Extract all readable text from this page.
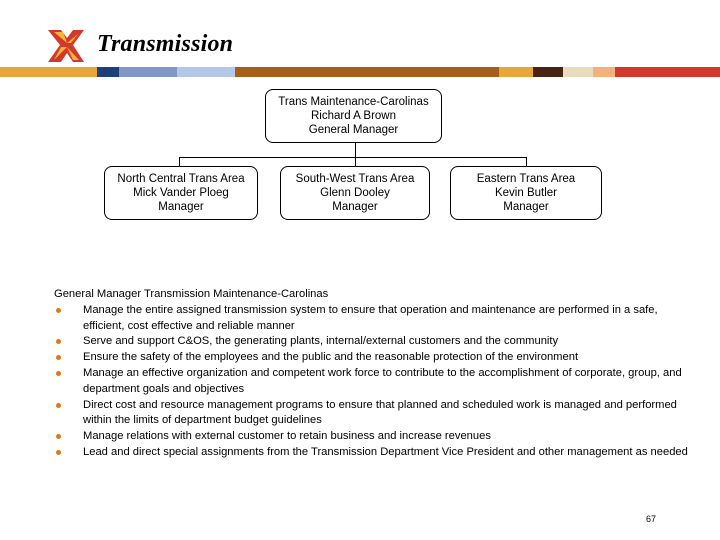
Transmission
Trans Maintenance-Carolinas
Richard A Brown
General Manager
North Central Trans Area
Mick Vander Ploeg
Manager
South-West Trans Area
Glenn Dooley
Manager
Eastern Trans Area
Kevin Butler
Manager
General Manager Transmission Maintenance-Carolinas
Manage the entire assigned transmission system to ensure that operation and maintenance are performed in a safe, efficient, cost effective and reliable manner
Serve and support C&OS, the generating plants, internal/external customers and the community
Ensure the safety of the employees and the public and the reasonable protection of the environment
Manage an effective organization and competent work force to contribute to the accomplishment of corporate, group, and department goals and objectives
Direct cost and resource management programs to ensure that planned and scheduled work is managed and performed within the limits of department budget guidelines
Manage relations with external customer to retain business and increase revenues
Lead and direct special assignments from the Transmission Department Vice President and other management as needed
67
